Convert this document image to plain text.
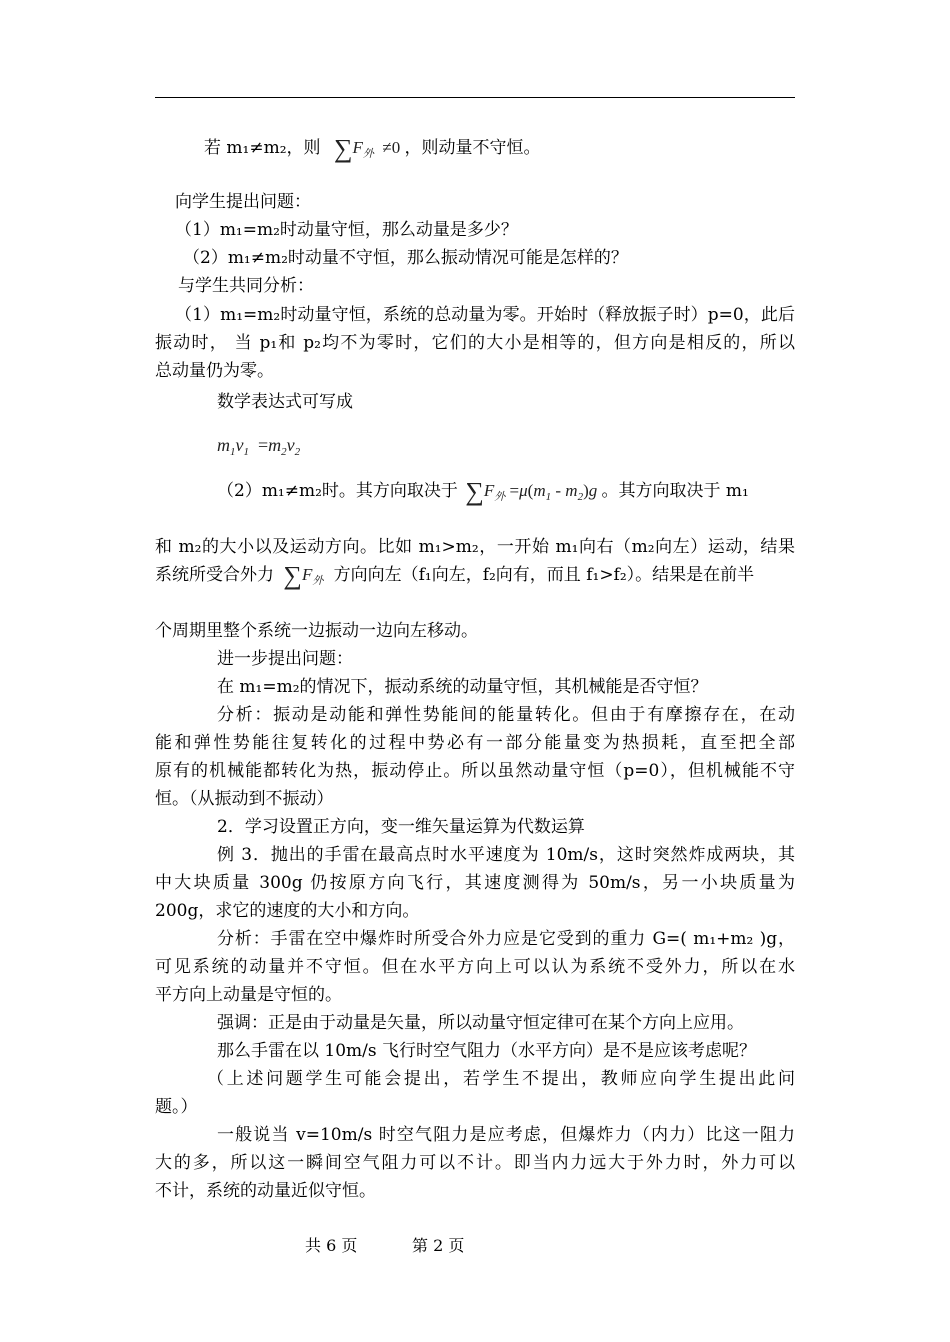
若 m₁≠m₂，则 $\sum F_外 \ne 0$ ，则动量不守恒。
向学生提出问题：
（1）m₁=m₂时动量守恒，那么动量是多少？
（2）m₁≠m₂时动量不守恒，那么振动情况可能是怎样的？
与学生共同分析：
（1）m₁=m₂时动量守恒，系统的总动量为零。开始时（释放振子时）p=0，此后
振动时， 当 p₁和 p₂均不为零时，它们的大小是相等的，但方向是相反的，所以
总动量仍为零。
数学表达式可写成
$m_1v_1 =m_2v_2$
（2）m₁≠m₂时。其方向取决于 $\sum F_外 =\mu(m_1 - m_2)g$ 。其方向取决于 m₁
和 m₂的大小以及运动方向。比如 m₁>m₂，一开始 m₁向右（m₂向左）运动，结果
系统所受合外力 $\sum F_外$ 方向向左（f₁向左，f₂向有，而且 f₁>f₂）。结果是在前半
个周期里整个系统一边振动一边向左移动。
进一步提出问题：
在 m₁=m₂的情况下，振动系统的动量守恒，其机械能是否守恒？
分析：振动是动能和弹性势能间的能量转化。但由于有摩擦存在，在动
能和弹性势能往复转化的过程中势必有一部分能量变为热损耗，直至把全部
原有的机械能都转化为热，振动停止。所以虽然动量守恒（p=0），但机械能不守
恒。（从振动到不振动）
2．学习设置正方向，变一维矢量运算为代数运算
例 3．抛出的手雷在最高点时水平速度为 10m/s，这时突然炸成两块，其
中大块质量 300g 仍按原方向飞行，其速度测得为 50m/s，另一小块质量为
200g，求它的速度的大小和方向。
分析：手雷在空中爆炸时所受合外力应是它受到的重力 G=( m₁+m₂ )g，
可见系统的动量并不守恒。但在水平方向上可以认为系统不受外力，所以在水
平方向上动量是守恒的。
强调：正是由于动量是矢量，所以动量守恒定律可在某个方向上应用。
那么手雷在以 10m/s 飞行时空气阻力（水平方向）是不是应该考虑呢？
（上述问题学生可能会提出，若学生不提出，教师应向学生提出此问
题。）
一般说当 v=10m/s 时空气阻力是应考虑，但爆炸力（内力）比这一阻力
大的多，所以这一瞬间空气阻力可以不计。即当内力远大于外力时，外力可以
不计，系统的动量近似守恒。
共 6 页	第 2 页
